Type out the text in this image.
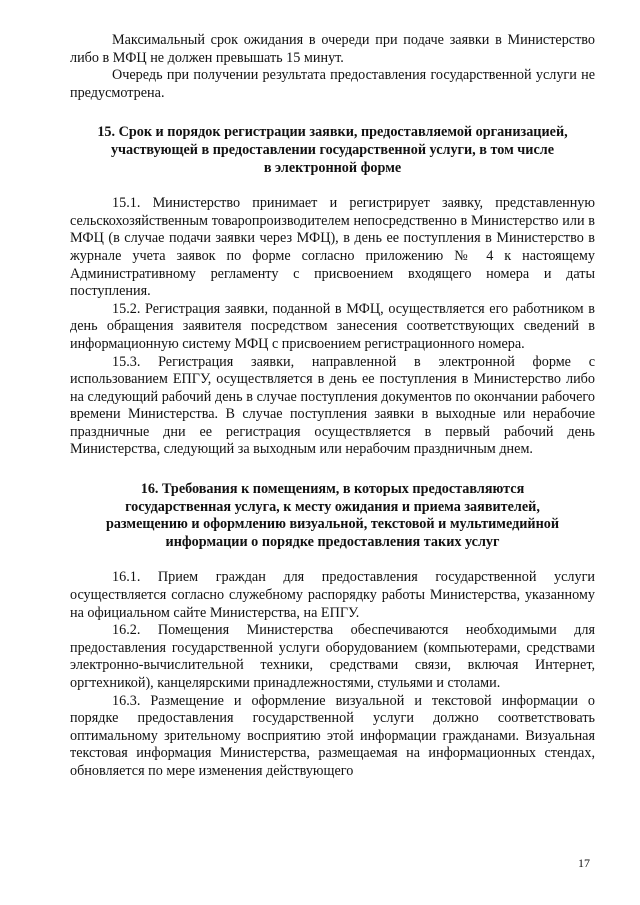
Максимальный срок ожидания в очереди при подаче заявки в Министерство либо в МФЦ не должен превышать 15 минут.

Очередь при получении результата предоставления государственной услуги не предусмотрена.

15. Срок и порядок регистрации заявки, предоставляемой организацией,
участвующей в предоставлении государственной услуги, в том числе
в электронной форме

15.1. Министерство принимает и регистрирует заявку, представленную сельскохозяйственным товаропроизводителем непосредственно в Министерство или в МФЦ (в случае подачи заявки через МФЦ), в день ее поступления в Министерство в журнале учета заявок по форме согласно приложению № 4 к настоящему Административному регламенту с присвоением входящего номера и даты поступления.

15.2. Регистрация заявки, поданной в МФЦ, осуществляется его работником в день обращения заявителя посредством занесения соответствующих сведений в информационную систему МФЦ с присвоением регистрационного номера.

15.3. Регистрация заявки, направленной в электронной форме с использованием ЕПГУ, осуществляется в день ее поступления в Министерство либо на следующий рабочий день в случае поступления документов по окончании рабочего времени Министерства. В случае поступления заявки в выходные или нерабочие праздничные дни ее регистрация осуществляется в первый рабочий день Министерства, следующий за выходным или нерабочим праздничным днем.

16. Требования к помещениям, в которых предоставляются
государственная услуга, к месту ожидания и приема заявителей,
размещению и оформлению визуальной, текстовой и мультимедийной
информации о порядке предоставления таких услуг

16.1. Прием граждан для предоставления государственной услуги осуществляется согласно служебному распорядку работы Министерства, указанному на официальном сайте Министерства, на ЕПГУ.

16.2. Помещения Министерства обеспечиваются необходимыми для предоставления государственной услуги оборудованием (компьютерами, средствами электронно-вычислительной техники, средствами связи, включая Интернет, оргтехникой), канцелярскими принадлежностями, стульями и столами.

16.3. Размещение и оформление визуальной и текстовой информации о порядке предоставления государственной услуги должно соответствовать оптимальному зрительному восприятию этой информации гражданами. Визуальная текстовая информация Министерства, размещаемая на информационных стендах, обновляется по мере изменения действующего

17
